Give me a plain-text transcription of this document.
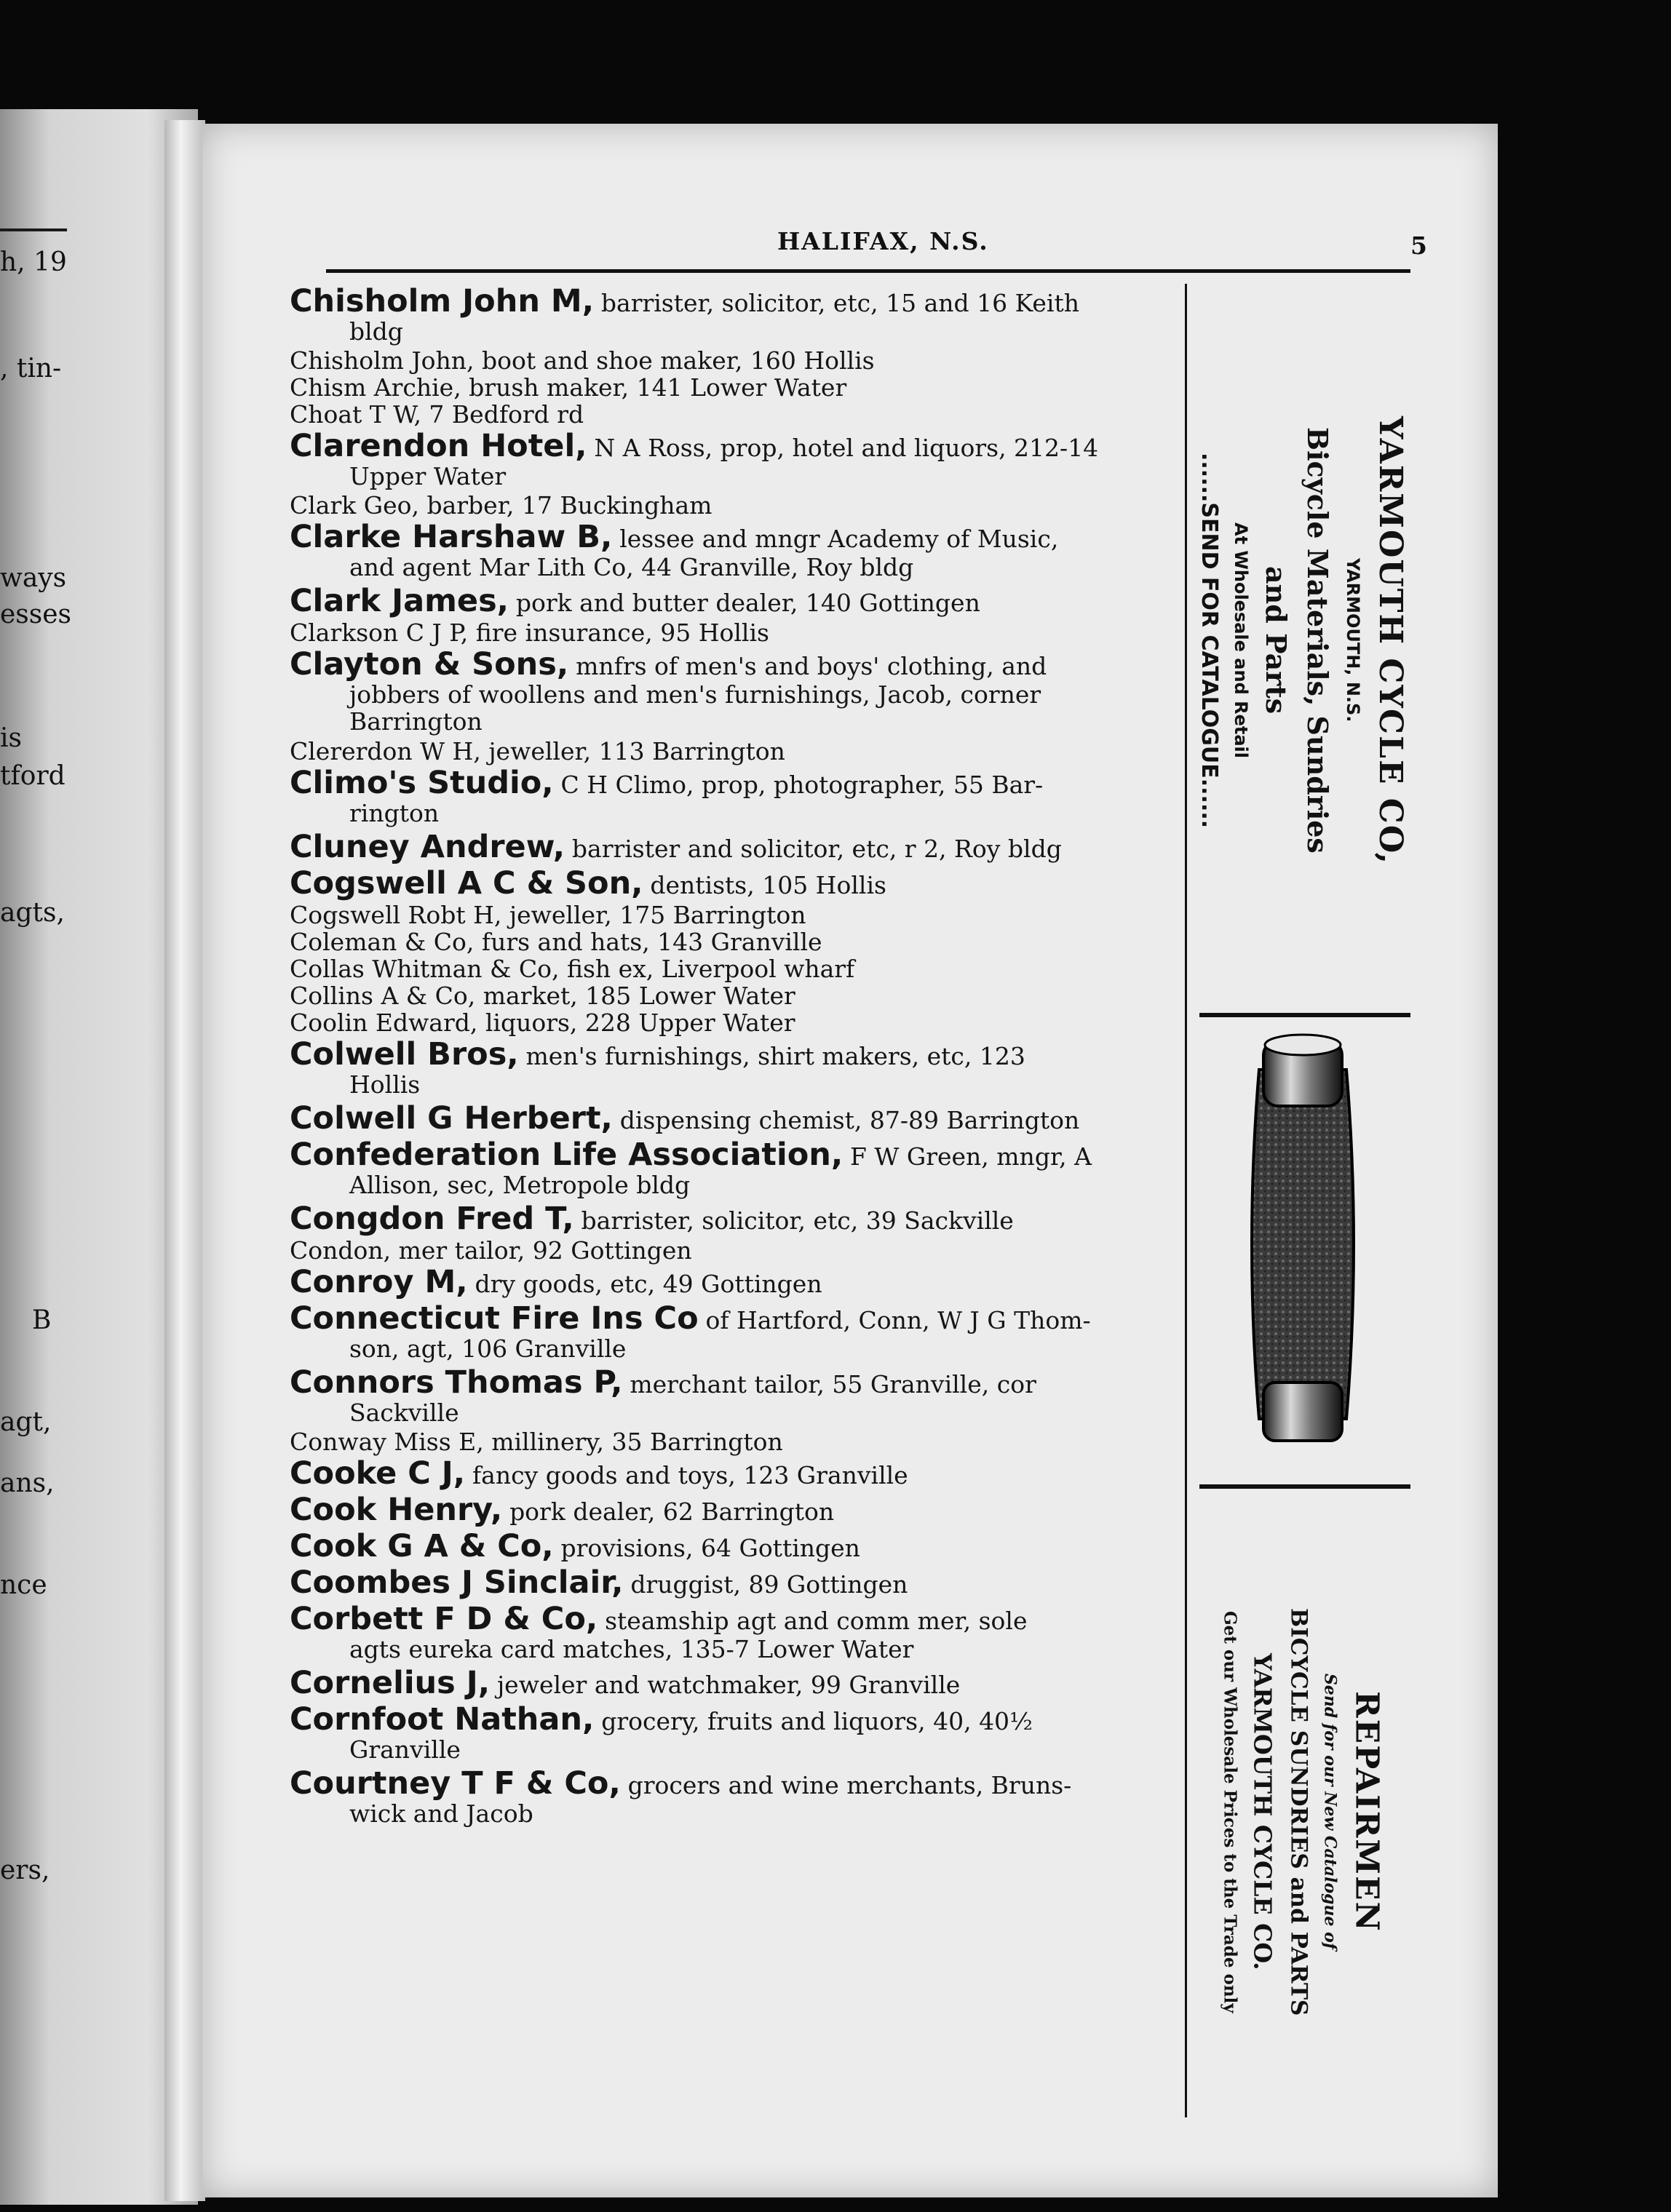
h, 19
, tin-
ways
esses
is
tford
agts,
B
agt,
ans,
nce
ers,
HALIFAX, N.S.	5
Chisholm John M, barrister, solicitor, etc, 15 and 16 Keith
bldg
Chisholm John, boot and shoe maker, 160 Hollis
Chism Archie, brush maker, 141 Lower Water
Choat T W, 7 Bedford rd
Clarendon Hotel, N A Ross, prop, hotel and liquors, 212-14
Upper Water
Clark Geo, barber, 17 Buckingham
Clarke Harshaw B, lessee and mngr Academy of Music,
and agent Mar Lith Co, 44 Granville, Roy bldg
Clark James, pork and butter dealer, 140 Gottingen
Clarkson C J P, fire insurance, 95 Hollis
Clayton & Sons, mnfrs of men's and boys' clothing, and
jobbers of woollens and men's furnishings, Jacob, corner
Barrington
Clererdon W H, jeweller, 113 Barrington
Climo's Studio, C H Climo, prop, photographer, 55 Bar-
rington
Cluney Andrew, barrister and solicitor, etc, r 2, Roy bldg
Cogswell A C & Son, dentists, 105 Hollis
Cogswell Robt H, jeweller, 175 Barrington
Coleman & Co, furs and hats, 143 Granville
Collas Whitman & Co, fish ex, Liverpool wharf
Collins A & Co, market, 185 Lower Water
Coolin Edward, liquors, 228 Upper Water
Colwell Bros, men's furnishings, shirt makers, etc, 123
Hollis
Colwell G Herbert, dispensing chemist, 87-89 Barrington
Confederation Life Association, F W Green, mngr, A
Allison, sec, Metropole bldg
Congdon Fred T, barrister, solicitor, etc, 39 Sackville
Condon, mer tailor, 92 Gottingen
Conroy M, dry goods, etc, 49 Gottingen
Connecticut Fire Ins Co of Hartford, Conn, W J G Thom-
son, agt, 106 Granville
Connors Thomas P, merchant tailor, 55 Granville, cor
Sackville
Conway Miss E, millinery, 35 Barrington
Cooke C J, fancy goods and toys, 123 Granville
Cook Henry, pork dealer, 62 Barrington
Cook G A & Co, provisions, 64 Gottingen
Coombes J Sinclair, druggist, 89 Gottingen
Corbett F D & Co, steamship agt and comm mer, sole
agts eureka card matches, 135-7 Lower Water
Cornelius J, jeweler and watchmaker, 99 Granville
Cornfoot Nathan, grocery, fruits and liquors, 40, 40½
Granville
Courtney T F & Co, grocers and wine merchants, Bruns-
wick and Jacob
YARMOUTH CYCLE CO,
YARMOUTH, N.S.
Bicycle Materials, Sundries
and Parts
At Wholesale and Retail
......SEND FOR CATALOGUE......
REPAIRMEN
Send for our New Catalogue of
BICYCLE SUNDRIES and PARTS
YARMOUTH CYCLE CO.
Get our Wholesale Prices to the Trade only
